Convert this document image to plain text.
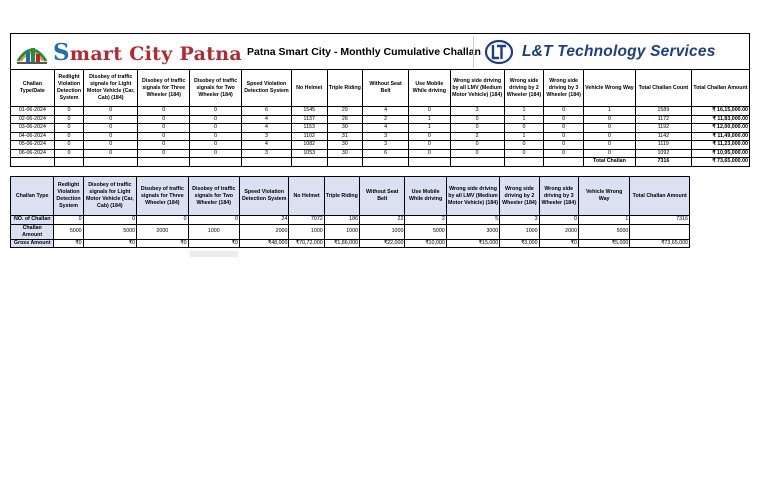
Smart City Patna Patna Smart City - Monthly Cumulative Challan	L&T Technology Services
Challan Type/Date	Redlight Violation Detection System	Disobey of traffic signals for Light Motor Vehicle (Car, Cab) (184)	Disobey of traffic signals for Three Wheeler (184)	Disobey of traffic signals for Two Wheeler (184)	Speed Violation Detection System	No Helmet	Triple Riding	Without Seat Belt	Use Mobile While driving	Wrong side driving by all LMV (Medium Motor Vehicle) (184)	Wrong side driving by 2 Wheeler (184)	Wrong side driving by 3 Wheeler (184)	Vehicle Wrong Way	Total Challan Count	Total Challan Amount
01-06-2024	0	0	0	0	6	1545	29	4	0	3	1	0	1	1589	₹ 16,15,000.00
02-06-2024	0	0	0	0	4	1137	26	2	1	0	1	0	0	1172	₹ 11,83,000.00
03-06-2024	0	0	0	0	4	1153	30	4	1	0	0	0	0	1192	₹ 12,00,000.00
04-06-2024	0	0	0	0	3	1102	31	3	0	2	1	0	0	1142	₹ 11,49,000.00
05-06-2024	0	0	0	0	4	1082	30	3	0	0	0	0	0	1119	₹ 11,23,000.00
06-06-2024	0	0	0	0	3	1053	30	6	0	0	0	0	0	1092	₹ 10,95,000.00
													Total Challan	7316	₹ 73,65,000.00
Challan Type	Redlight Violation Detection System	Disobey of traffic signals for Light Motor Vehicle (Car, Cab) (184)	Disobey of traffic signals for Three Wheeler (184)	Disobey of traffic signals for Two Wheeler (184)	Speed Violation Detection System	No Helmet	Triple Riding	Without Seat Belt	Use Mobile While driving	Wrong side driving by all LMV (Medium Motor Vehicle) (184)	Wrong side driving by 2 Wheeler (184)	Wrong side driving by 3 Wheeler (184)	Vehicle Wrong Way	Total Challan Amount
NO. of Challan	0	0	0	0	24	7072	186	22	2	5	3	0	1	7316
Challan Amount	5000	5000	2000	1000	2000	1000	1000	1000	5000	3000	1000	2000	5000	
Gross Amount	₹0	₹0	₹0	₹0	₹48,000	₹70,72,000	₹1,86,000	₹22,000	₹10,000	₹15,000	₹3,000	₹0	₹5,000	₹73,65,000
